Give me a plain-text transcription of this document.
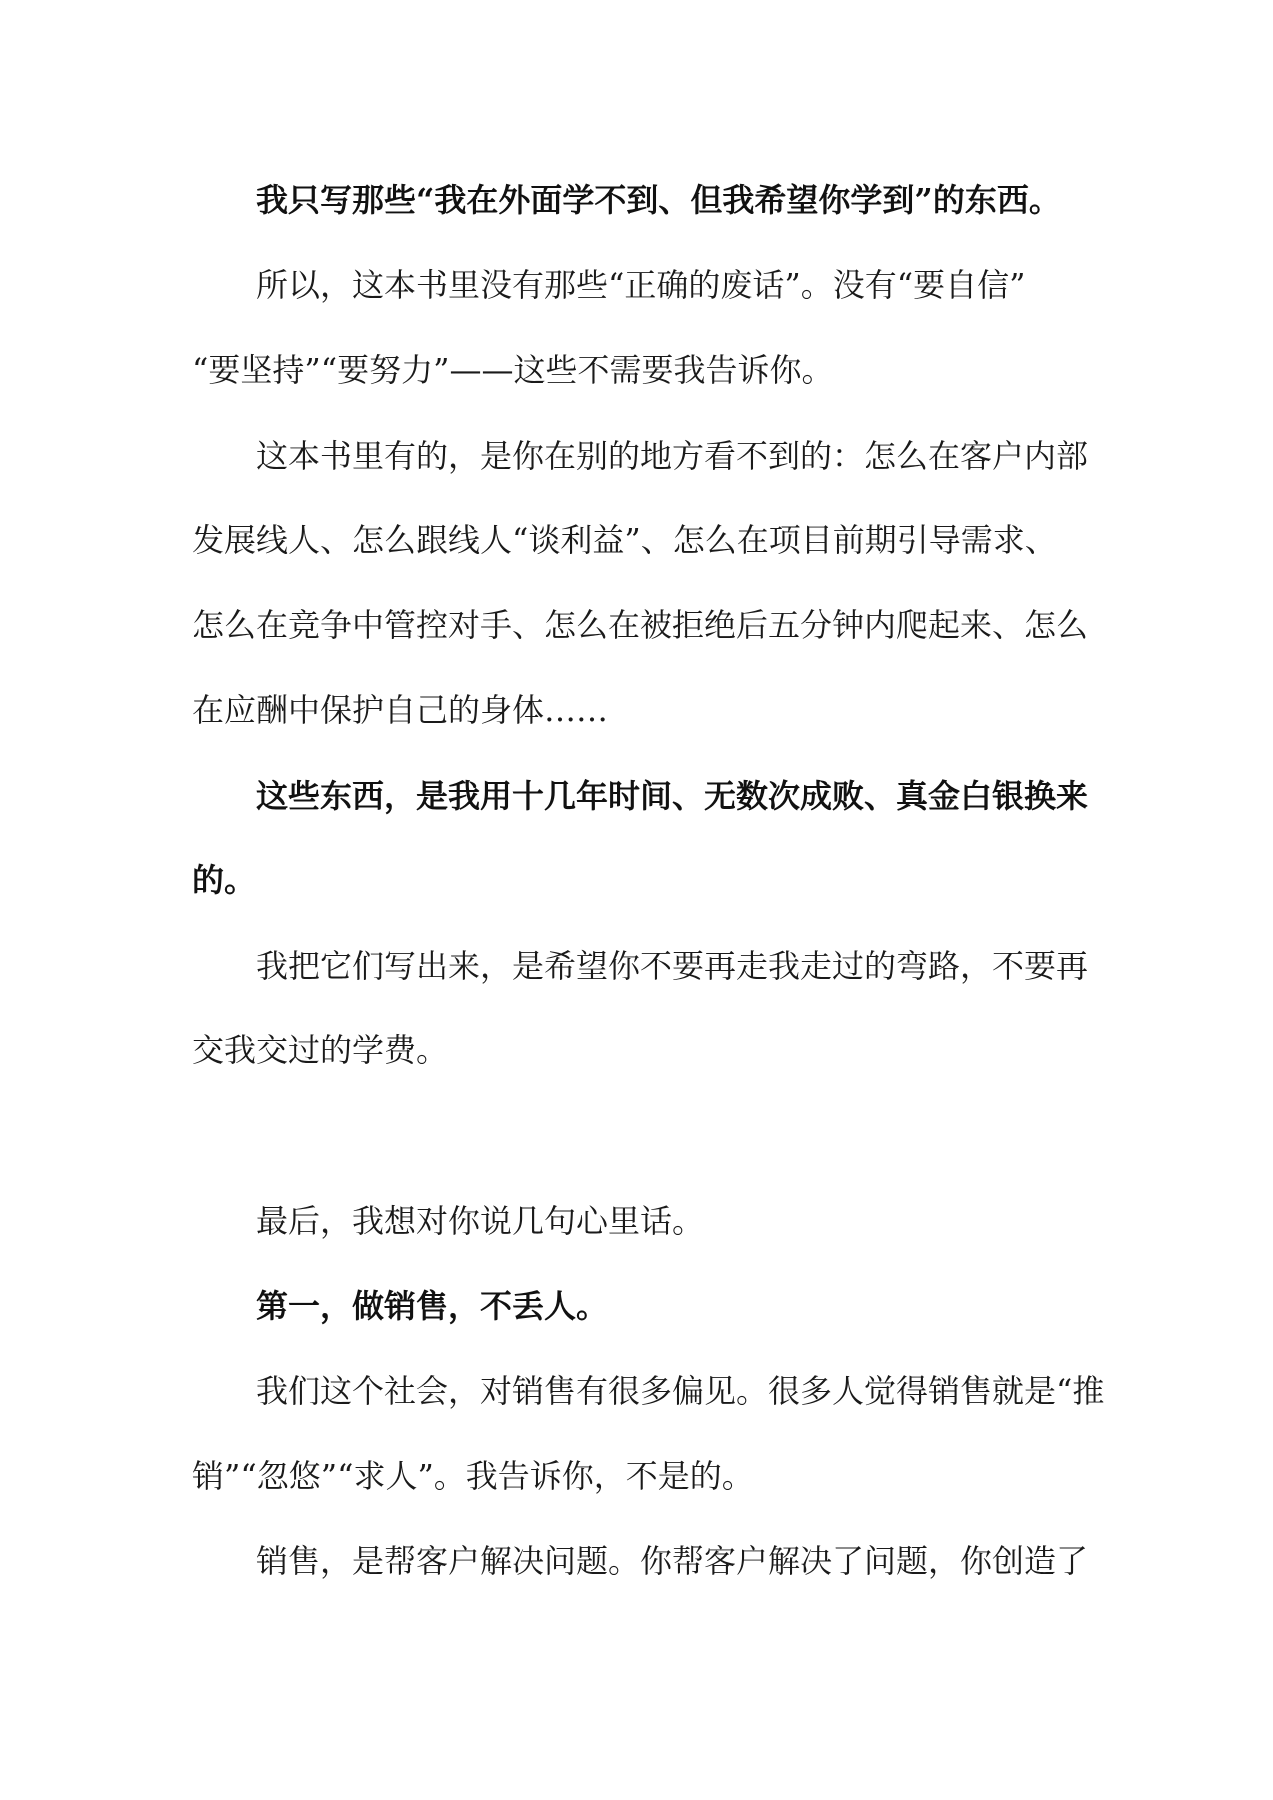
我只写那些“我在外面学不到、但我希望你学到”的东西。
所以，这本书里没有那些“正确的废话”。没有“要自信”
“要坚持”“要努力”——这些不需要我告诉你。
这本书里有的，是你在别的地方看不到的：怎么在客户内部
发展线人、怎么跟线人“谈利益”、怎么在项目前期引导需求、
怎么在竞争中管控对手、怎么在被拒绝后五分钟内爬起来、怎么
在应酬中保护自己的身体……
这些东西，是我用十几年时间、无数次成败、真金白银换来
的。
我把它们写出来，是希望你不要再走我走过的弯路，不要再
交我交过的学费。
最后，我想对你说几句心里话。
第一，做销售，不丢人。
我们这个社会，对销售有很多偏见。很多人觉得销售就是“推
销”“忽悠”“求人”。我告诉你，不是的。
销售，是帮客户解决问题。你帮客户解决了问题，你创造了
